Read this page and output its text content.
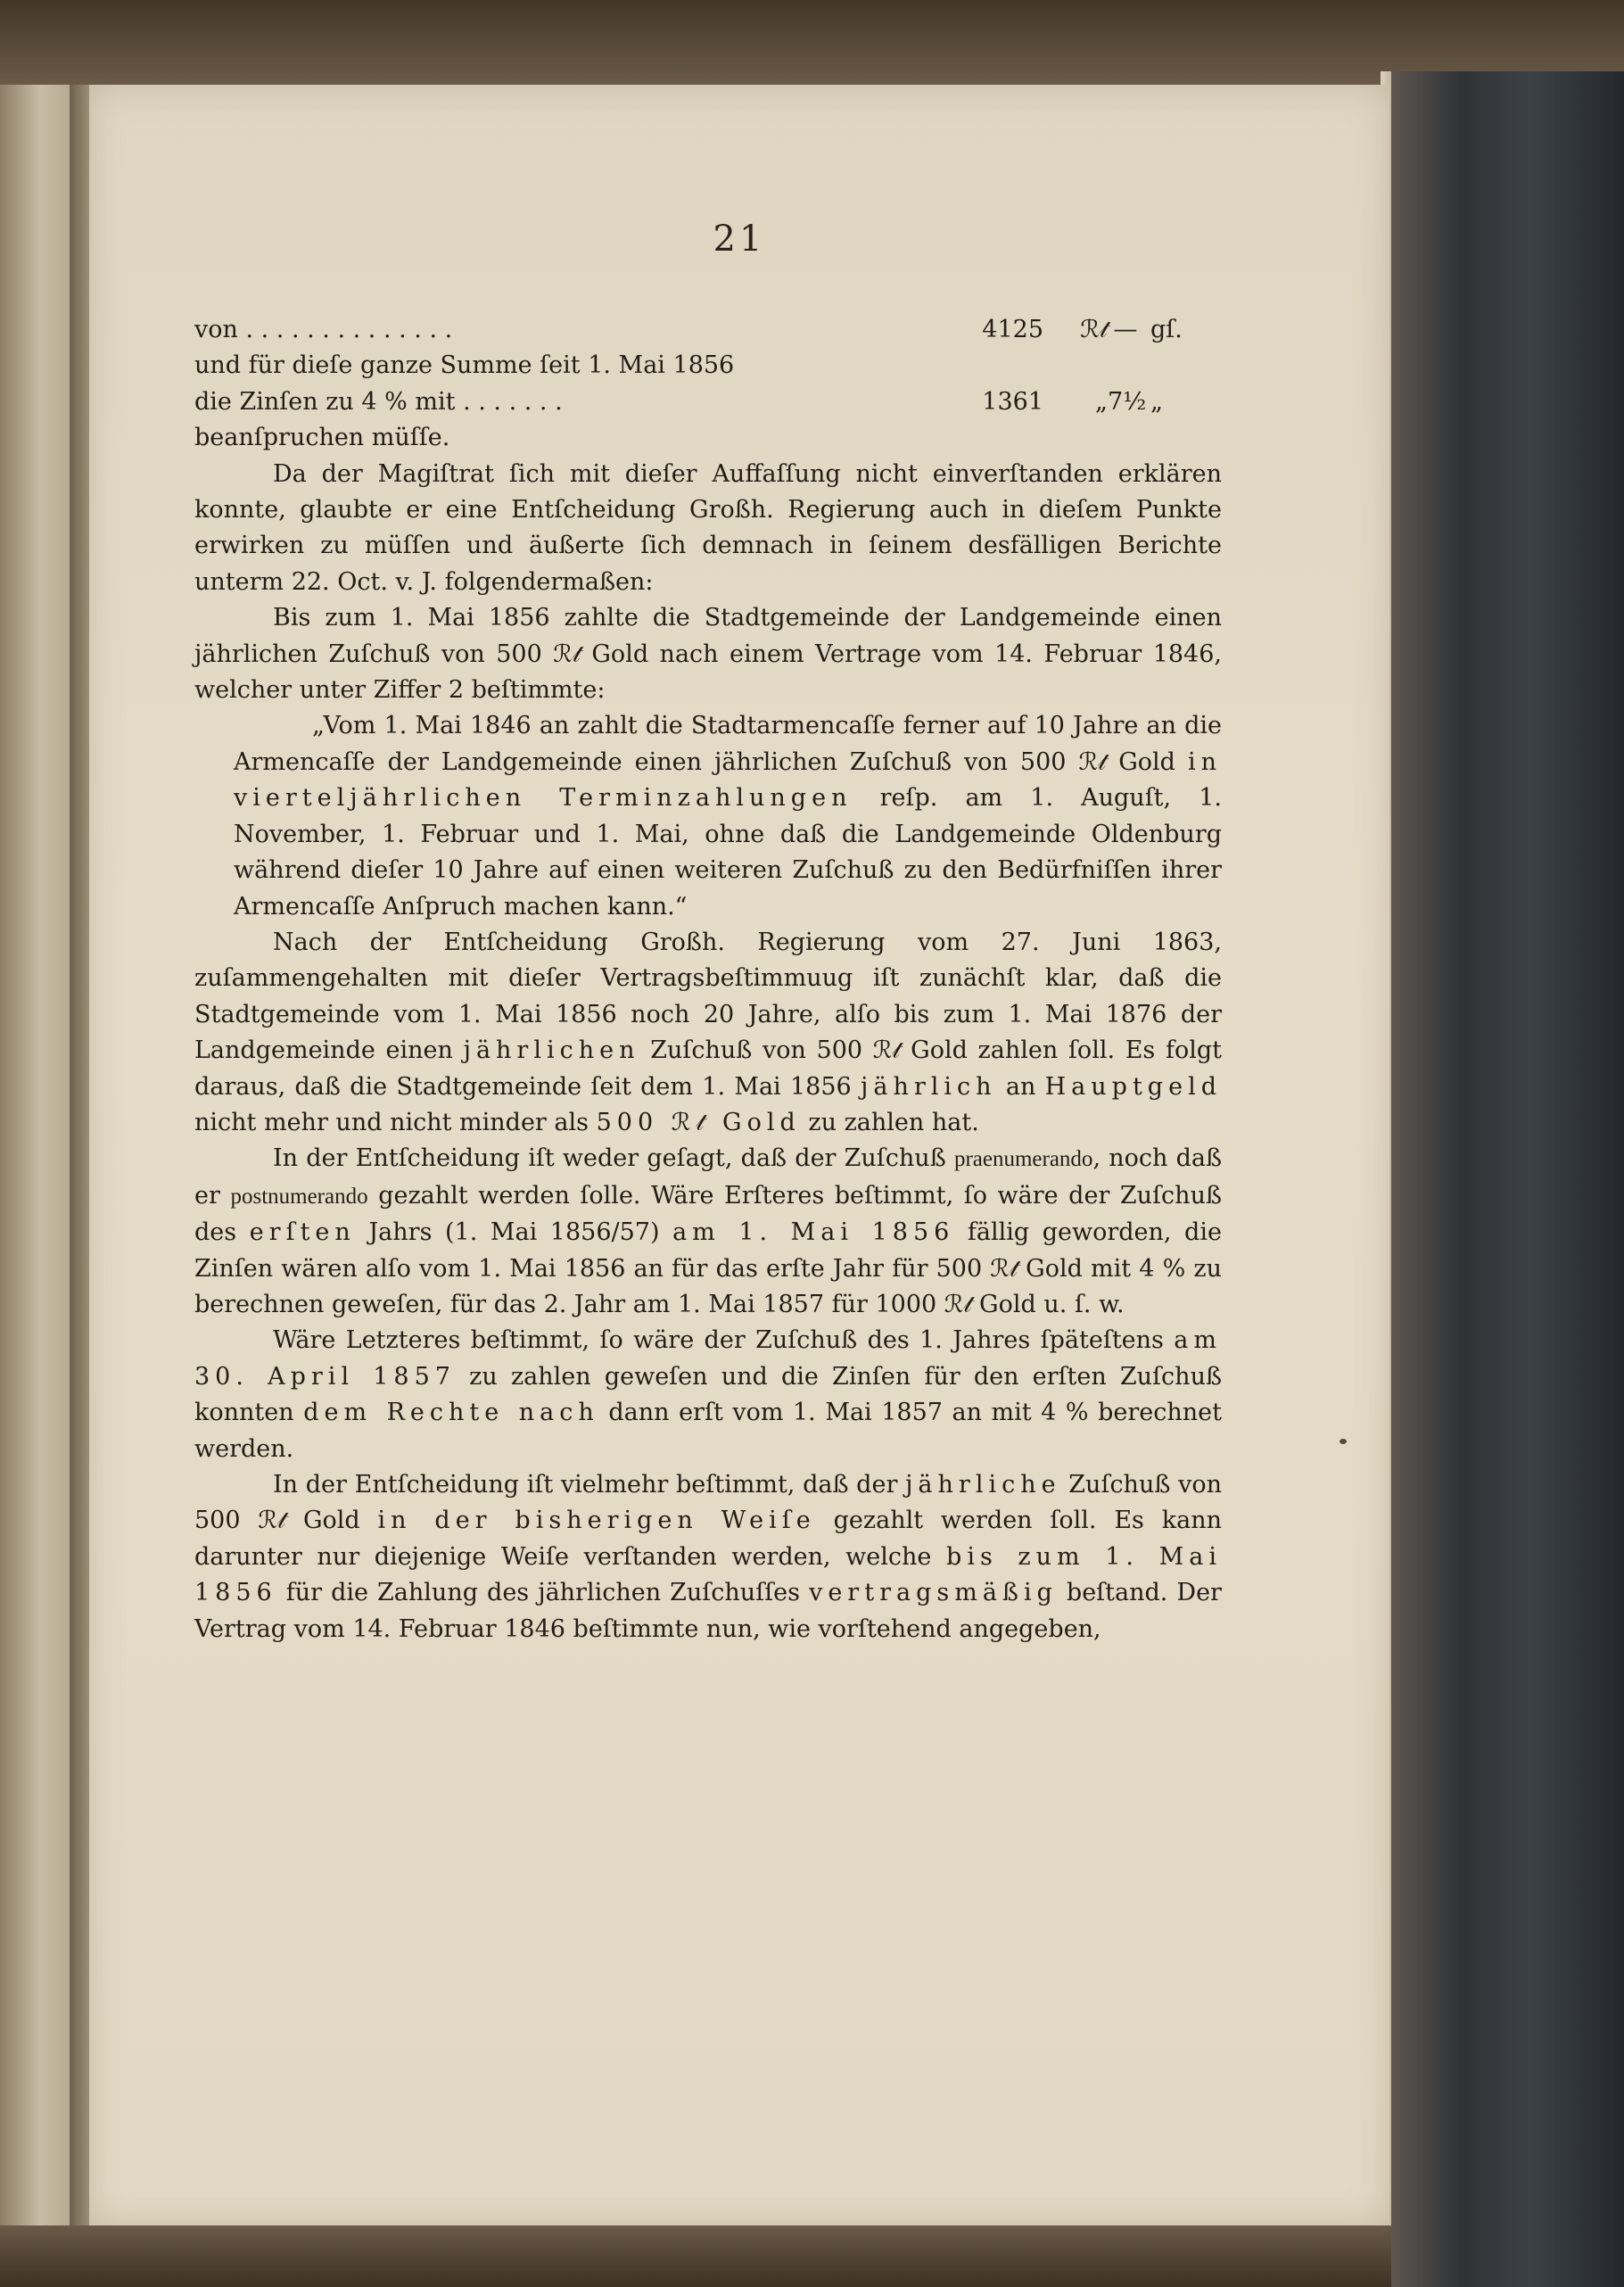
21
von . . . . . . . . . . . . . .	4125	ℛ𝓉 — gſ.
und für dieſe ganze Summe ſeit 1. Mai 1856
die Zinſen zu 4 % mit . . . . . . .	1361	„ 7½ „
beanſpruchen müſſe.

Da der Magiſtrat ſich mit dieſer Auffaſſung nicht einverſtanden erklären konnte, glaubte er eine Entſcheidung Großh. Regierung auch in dieſem Punkte erwirken zu müſſen und äußerte ſich demnach in ſeinem desfälligen Berichte unterm 22. Oct. v. J. folgendermaßen:

Bis zum 1. Mai 1856 zahlte die Stadtgemeinde der Landgemeinde einen jährlichen Zuſchuß von 500 ℛ𝓉 Gold nach einem Vertrage vom 14. Februar 1846, welcher unter Ziffer 2 beſtimmte:

„Vom 1. Mai 1846 an zahlt die Stadtarmencaſſe ferner auf 10 Jahre an die Armencaſſe der Landgemeinde einen jährlichen Zuſchuß von 500 ℛ𝓉 Gold in vierteljährlichen Terminzahlungen reſp. am 1. Auguſt, 1. November, 1. Februar und 1. Mai, ohne daß die Landgemeinde Oldenburg während dieſer 10 Jahre auf einen weiteren Zuſchuß zu den Bedürfniſſen ihrer Armencaſſe Anſpruch machen kann.“

Nach der Entſcheidung Großh. Regierung vom 27. Juni 1863, zuſammengehalten mit dieſer Vertragsbeſtimmuug iſt zunächſt klar, daß die Stadtgemeinde vom 1. Mai 1856 noch 20 Jahre, alſo bis zum 1. Mai 1876 der Landgemeinde einen jährlichen Zuſchuß von 500 ℛ𝓉 Gold zahlen ſoll. Es folgt daraus, daß die Stadtgemeinde ſeit dem 1. Mai 1856 jährlich an Hauptgeld nicht mehr und nicht minder als 500 ℛ𝓉 Gold zu zahlen hat.

In der Entſcheidung iſt weder geſagt, daß der Zuſchuß praenumerando, noch daß er postnumerando gezahlt werden ſolle. Wäre Erſteres beſtimmt, ſo wäre der Zuſchuß des erſten Jahrs (1. Mai 1856/57) am 1. Mai 1856 fällig geworden, die Zinſen wären alſo vom 1. Mai 1856 an für das erſte Jahr für 500 ℛ𝓉 Gold mit 4 % zu berechnen geweſen, für das 2. Jahr am 1. Mai 1857 für 1000 ℛ𝓉 Gold u. ſ. w.

Wäre Letzteres beſtimmt, ſo wäre der Zuſchuß des 1. Jahres ſpäteſtens am 30. April 1857 zu zahlen geweſen und die Zinſen für den erſten Zuſchuß konnten dem Rechte nach dann erſt vom 1. Mai 1857 an mit 4 % berechnet werden.

In der Entſcheidung iſt vielmehr beſtimmt, daß der jährliche Zuſchuß von 500 ℛ𝓉 Gold in der bisherigen Weiſe gezahlt werden ſoll. Es kann darunter nur diejenige Weiſe verſtanden werden, welche bis zum 1. Mai 1856 für die Zahlung des jährlichen Zuſchuſſes vertragsmäßig beſtand. Der Vertrag vom 14. Februar 1846 beſtimmte nun, wie vorſtehend angegeben,
